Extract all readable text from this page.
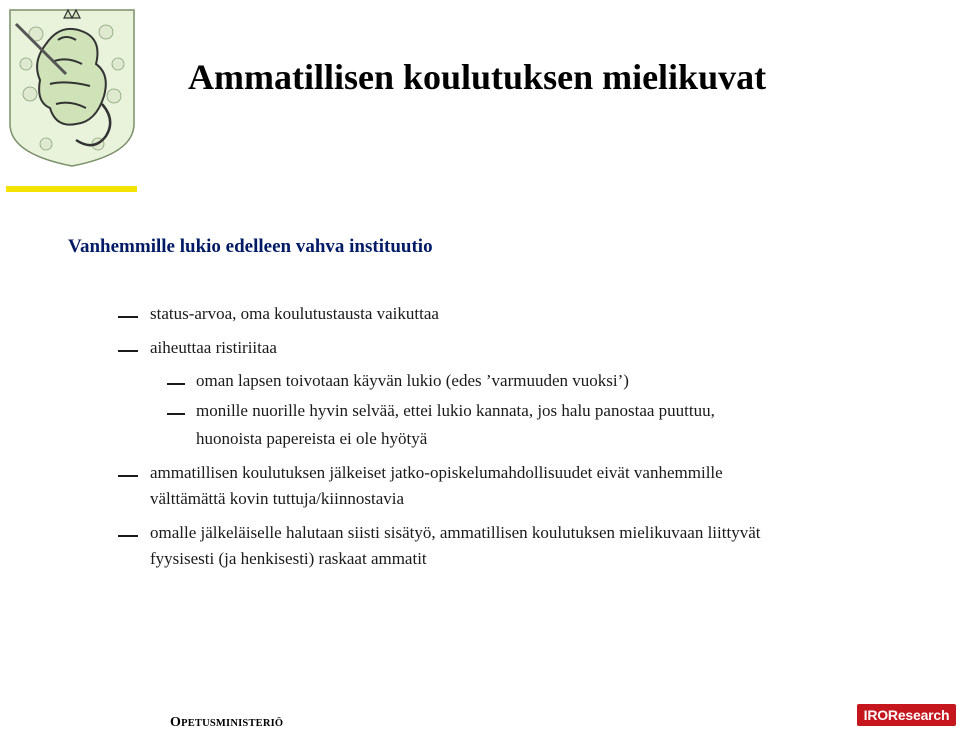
Ammatillisen koulutuksen mielikuvat
Vanhemmille lukio edelleen vahva instituutio
status-arvoa, oma koulutustausta vaikuttaa
aiheuttaa ristiriitaa
oman lapsen toivotaan käyvän lukio (edes ’varmuuden vuoksi’)
monille nuorille hyvin selvää, ettei lukio kannata, jos halu panostaa puuttuu,
huonoista papereista ei ole hyötyä
ammatillisen koulutuksen jälkeiset jatko-opiskelumahdollisuudet eivät vanhemmille
välttämättä kovin tuttuja/kiinnostavia
omalle jälkeläiselle halutaan siisti sisätyö, ammatillisen koulutuksen mielikuvaan liittyvät
fyysisesti (ja henkisesti) raskaat ammatit
OPETUSMINISTERIÖ
IROResearch
